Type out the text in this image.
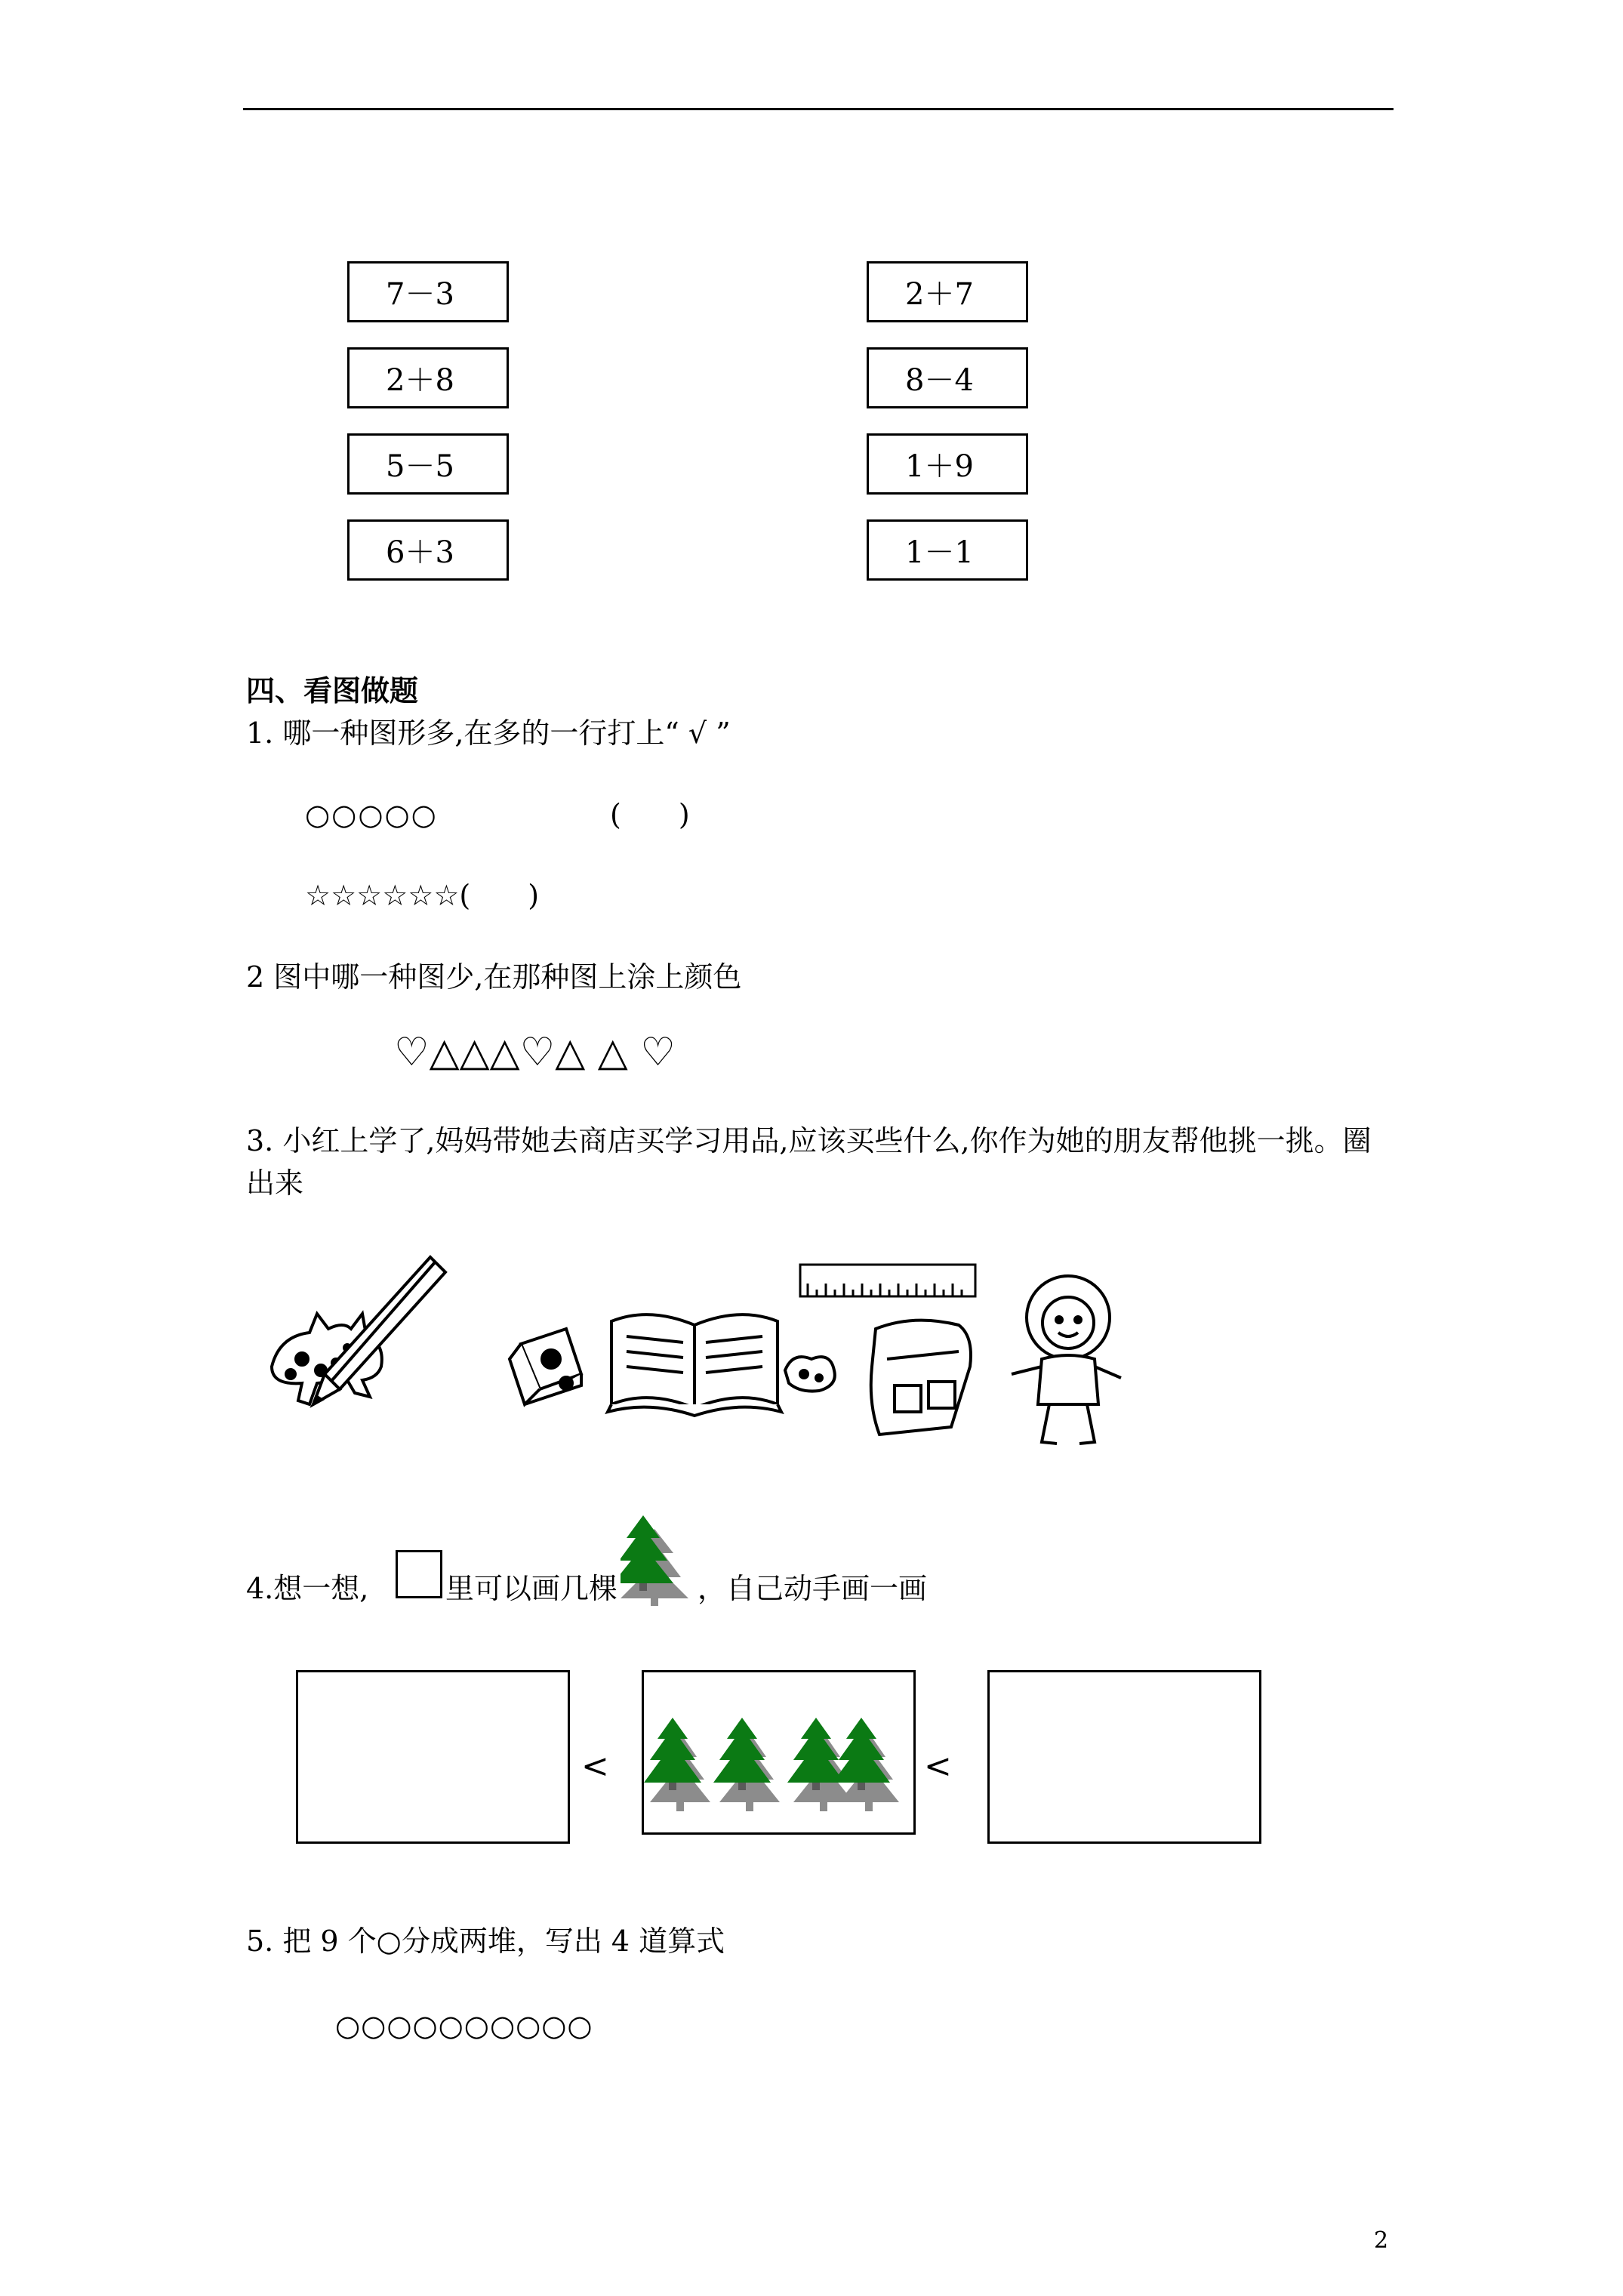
7－3
2＋8
5－5
6＋3
2＋7
8－4
1＋9
1－1
四、看图做题
1. 哪一种图形多,在多的一行打上“ √ ”
○○○○○	(　　)
☆☆☆☆☆☆(　　)
2 图中哪一种图少,在那种图上涂上颜色
♡△△△♡△ △ ♡
3. 小红上学了,妈妈带她去商店买学习用品,应该买些什么,你作为她的朋友帮他挑一挑。圈
出来
4.想一想,	里可以画几棵	，自己动手画一画
<	<
5. 把 9 个○分成两堆，写出 4 道算式
○○○○○○○○○○
2
